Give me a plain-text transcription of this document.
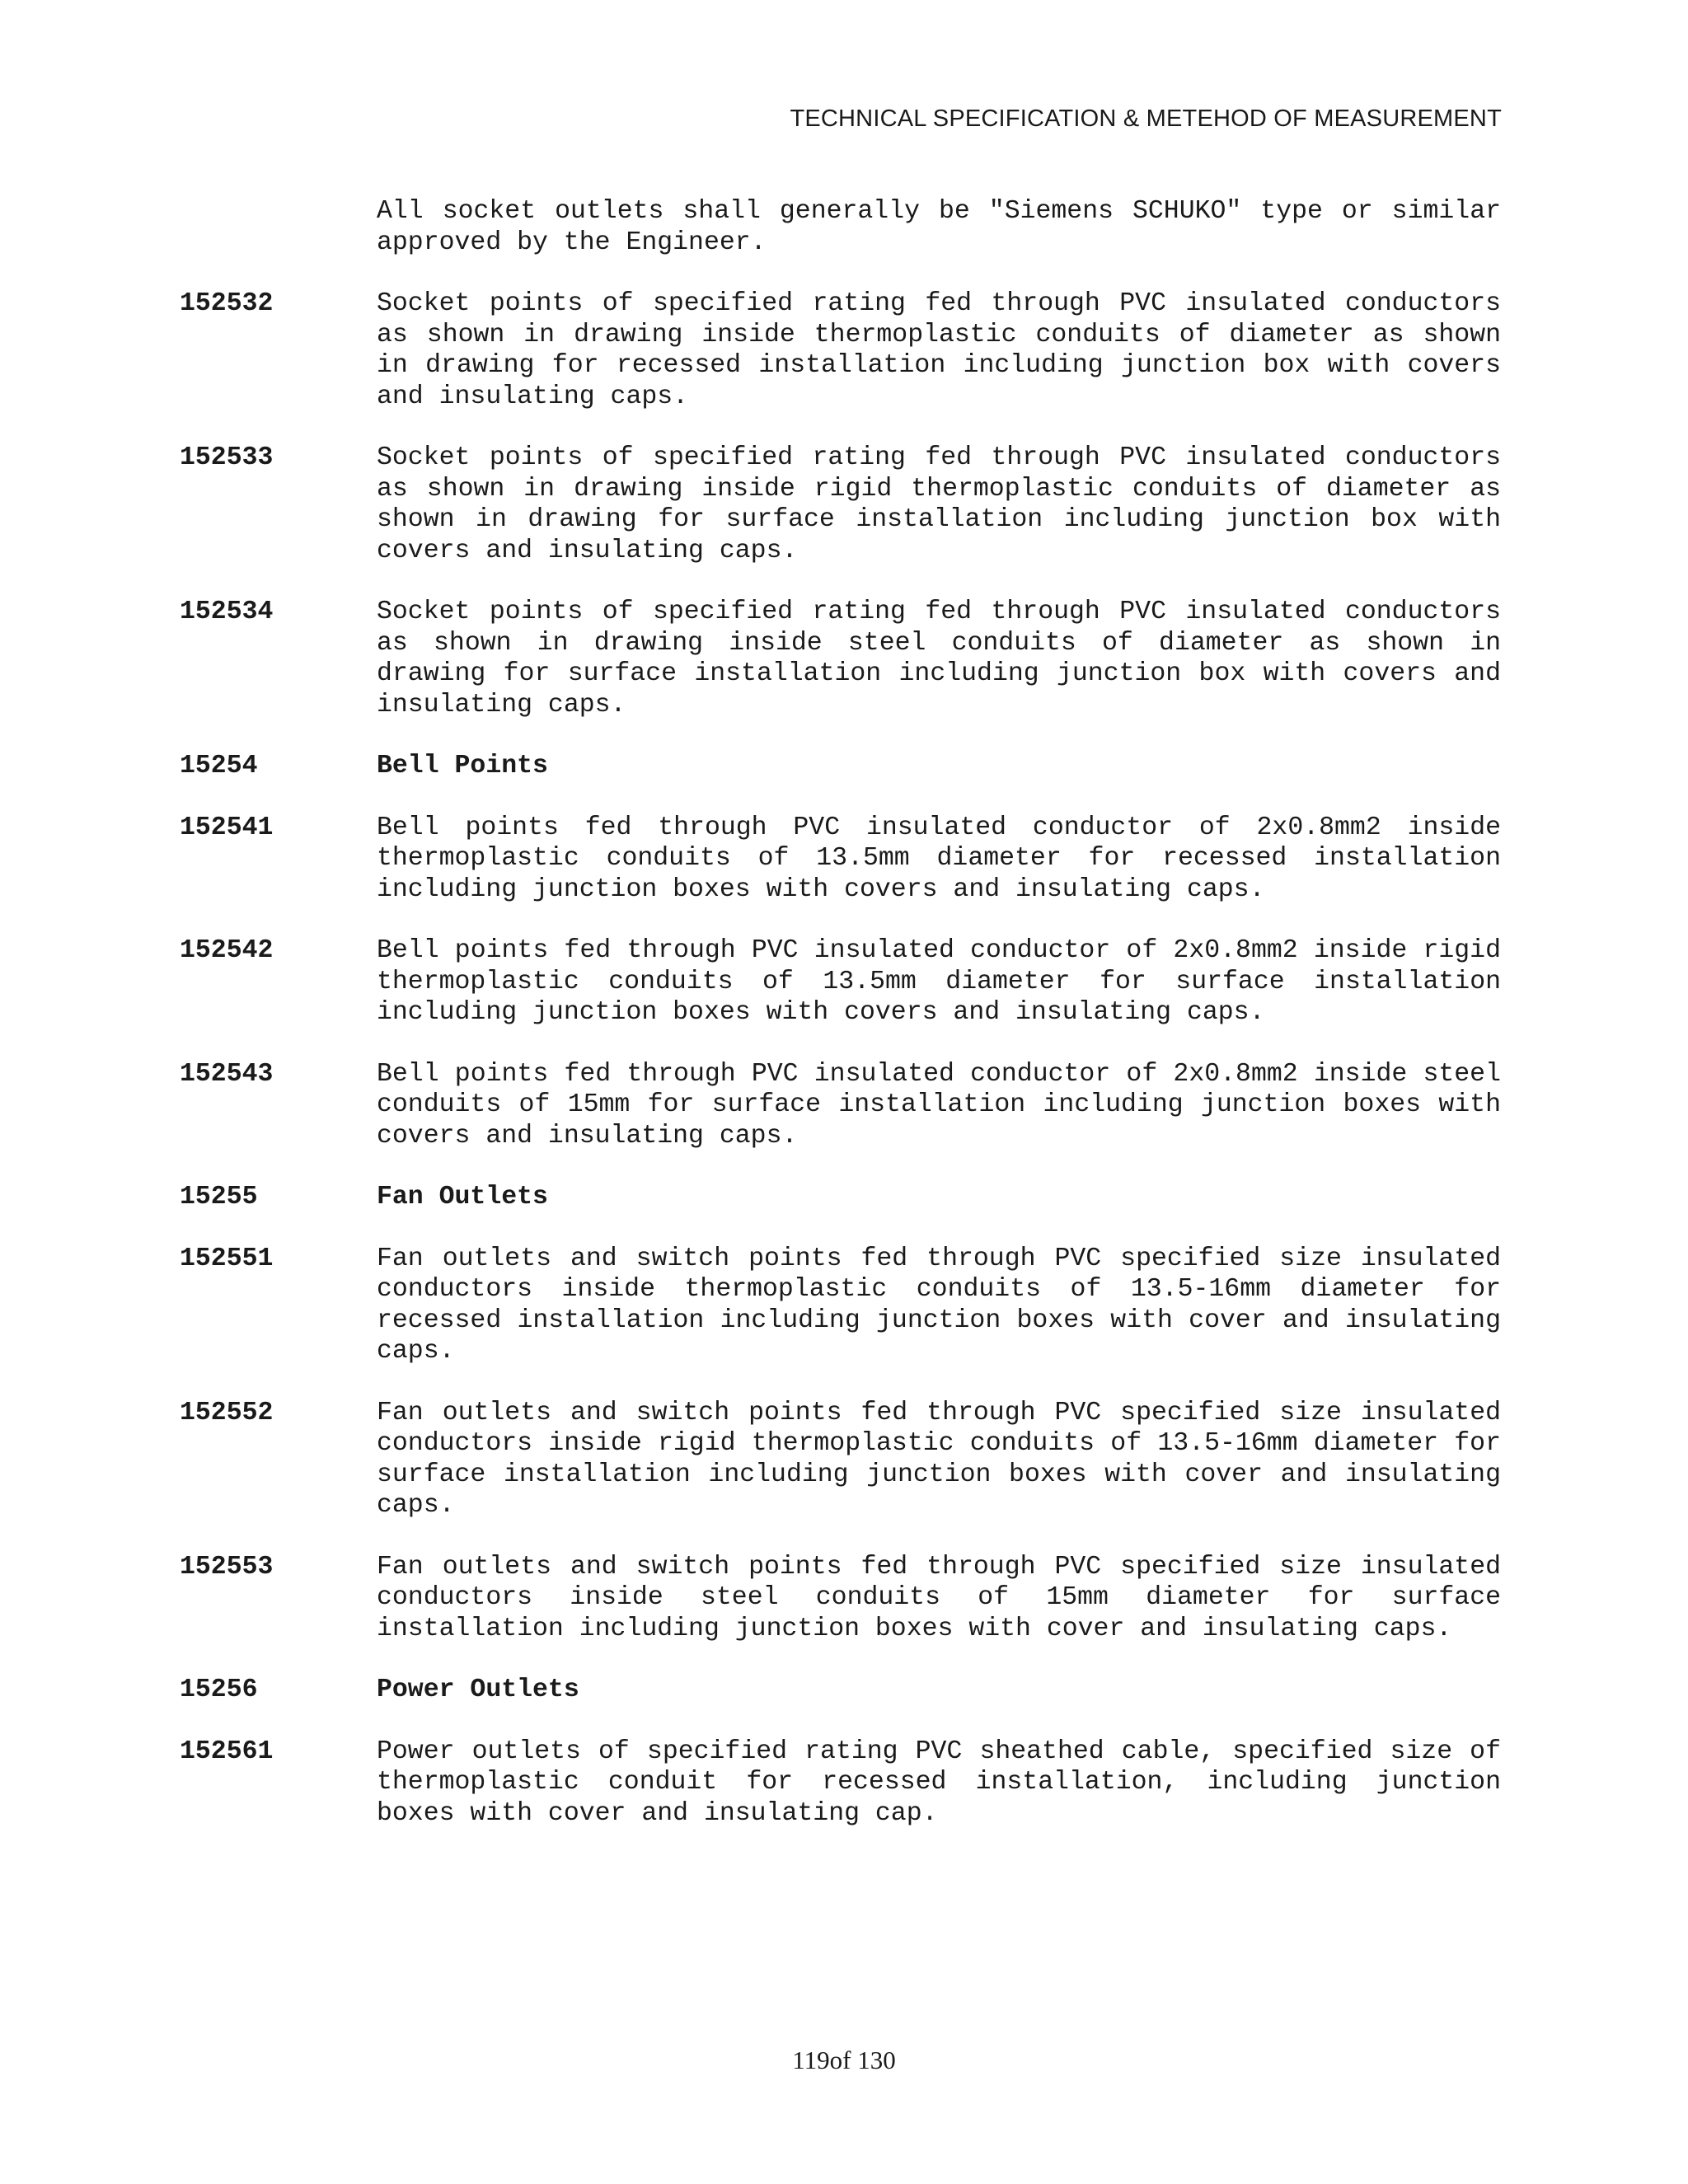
TECHNICAL SPECIFICATION & METEHOD OF MEASUREMENT
All socket outlets shall generally be "Siemens SCHUKO" type or similar approved by the Engineer.
152532	Socket points of specified rating fed through PVC insulated conductors as shown in drawing inside thermoplastic conduits of diameter as shown in drawing for recessed installation including junction box with covers and insulating caps.
152533	Socket points of specified rating fed through PVC insulated conductors as shown in drawing inside rigid thermoplastic conduits of diameter as shown in drawing for surface installation including junction box with covers and insulating caps.
152534	Socket points of specified rating fed through PVC insulated conductors as shown in drawing inside steel conduits of diameter as shown in drawing for surface installation including junction box with covers and insulating caps.
15254	Bell Points
152541	Bell points fed through PVC insulated conductor of 2x0.8mm2 inside thermoplastic conduits of 13.5mm diameter for recessed installation including junction boxes with covers and insulating caps.
152542	Bell points fed through PVC insulated conductor of 2x0.8mm2 inside rigid thermoplastic conduits of 13.5mm diameter for surface installation including junction boxes with covers and insulating caps.
152543	Bell points fed through PVC insulated conductor of 2x0.8mm2 inside steel conduits of 15mm for surface installation including junction boxes with covers and insulating caps.
15255	Fan Outlets
152551	Fan outlets and switch points fed through PVC specified size insulated conductors inside thermoplastic conduits of 13.5-16mm diameter for recessed installation including junction boxes with cover and insulating caps.
152552	Fan outlets and switch points fed through PVC specified size insulated conductors inside rigid thermoplastic conduits of 13.5-16mm diameter for surface installation including junction boxes with cover and insulating caps.
152553	Fan outlets and switch points fed through PVC specified size insulated conductors inside steel conduits of 15mm diameter for surface installation including junction boxes with cover and insulating caps.
15256	Power Outlets
152561	Power outlets of specified rating PVC sheathed cable, specified size of thermoplastic conduit for recessed installation, including junction boxes with cover and insulating cap.
119of 130
